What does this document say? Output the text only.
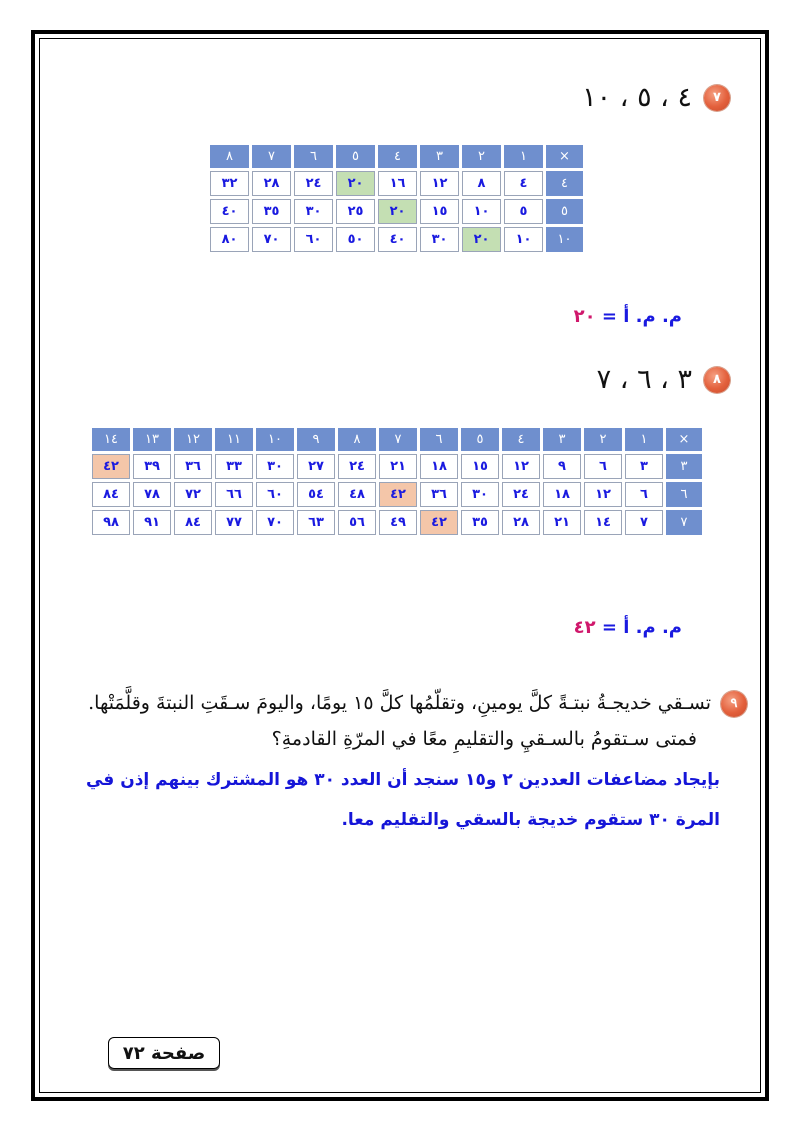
٧
٤ ، ٥ ، ١٠
×	١	٢	٣	٤	٥	٦	٧	٨
٤	٤	٨	١٢	١٦	٢٠	٢٤	٢٨	٣٢
٥	٥	١٠	١٥	٢٠	٢٥	٣٠	٣٥	٤٠
١٠	١٠	٢٠	٣٠	٤٠	٥٠	٦٠	٧٠	٨٠
م. م. أ = ٢٠
٨
٣ ، ٦ ، ٧
×	١	٢	٣	٤	٥	٦	٧	٨	٩	١٠	١١	١٢	١٣	١٤
٣	٣	٦	٩	١٢	١٥	١٨	٢١	٢٤	٢٧	٣٠	٣٣	٣٦	٣٩	٤٢
٦	٦	١٢	١٨	٢٤	٣٠	٣٦	٤٢	٤٨	٥٤	٦٠	٦٦	٧٢	٧٨	٨٤
٧	٧	١٤	٢١	٢٨	٣٥	٤٢	٤٩	٥٦	٦٣	٧٠	٧٧	٨٤	٩١	٩٨
م. م. أ = ٤٢
٩
تسـقي خديجـةُ نبتـةً كلَّ يومينِ، وتقلّمُها كلَّ ١٥ يومًا، واليومَ سـقَتِ النبتةَ وقلَّمَتْها.
فمتى سـتقومُ بالسـقيِ والتقليمِ معًا في المرّةِ القادمةِ؟
بإيجاد مضاعفات العددين ٢ و١٥ سنجد أن العدد ٣٠ هو المشترك بينهم إذن في
المرة ٣٠ ستقوم خديجة بالسقي والتقليم معا.
صفحة ٧٢
